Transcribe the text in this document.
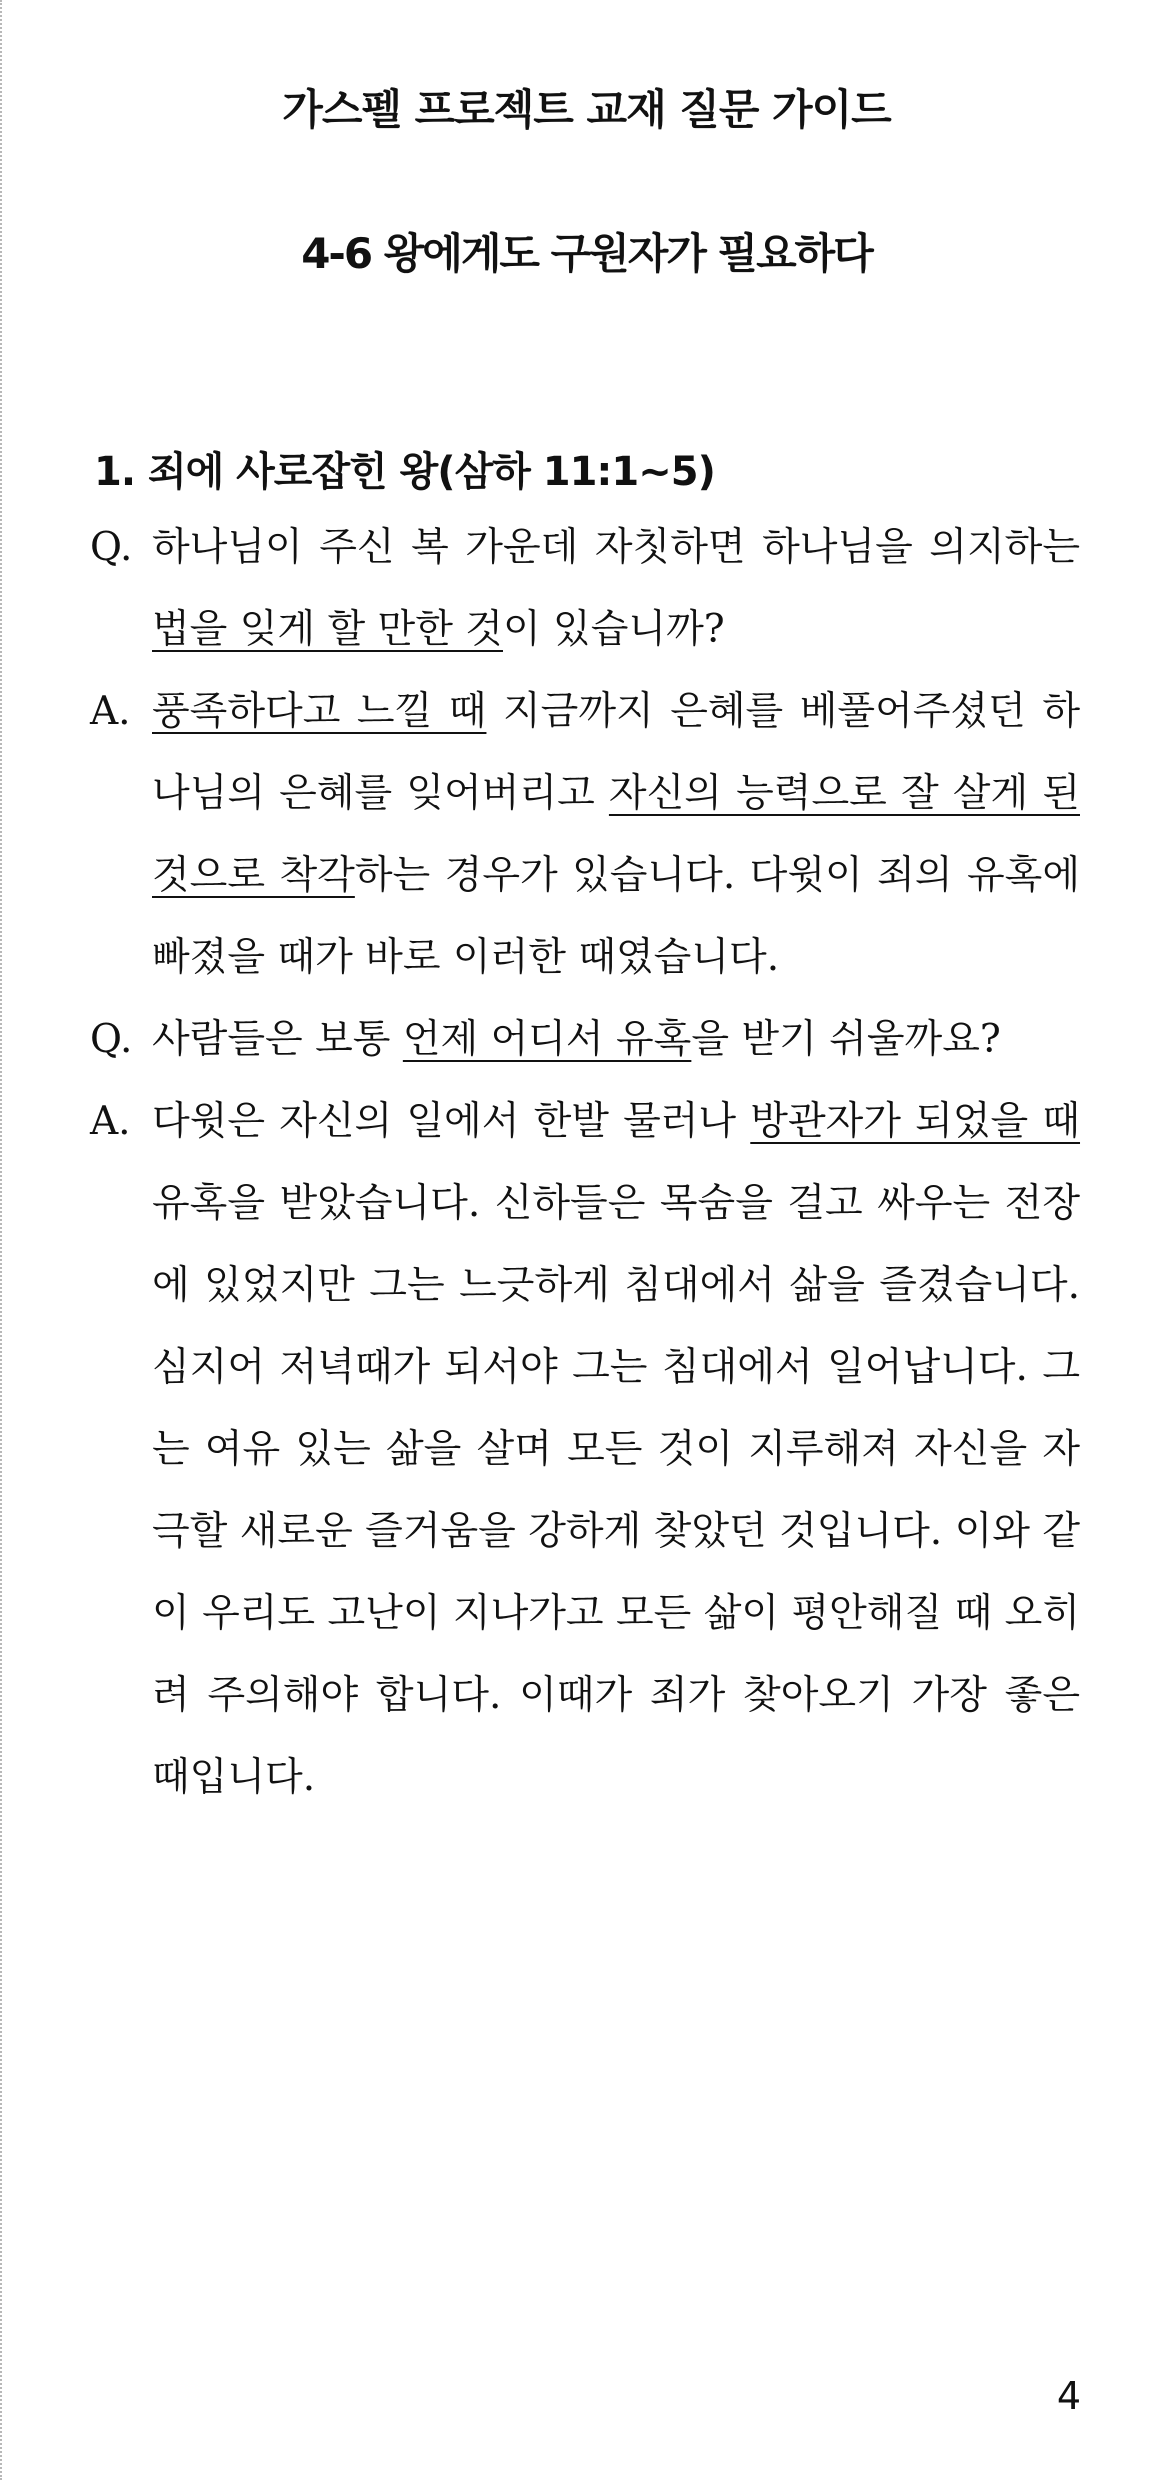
가스펠 프로젝트 교재 질문 가이드
4-6 왕에게도 구원자가 필요하다
1. 죄에 사로잡힌 왕(삼하 11:1~5)
Q. 하나님이 주신 복 가운데 자칫하면 하나님을 의지하는 법을 잊게 할 만한 것이 있습니까?
A. 풍족하다고 느낄 때 지금까지 은혜를 베풀어주셨던 하나님의 은혜를 잊어버리고 자신의 능력으로 잘 살게 된 것으로 착각하는 경우가 있습니다. 다윗이 죄의 유혹에 빠졌을 때가 바로 이러한 때였습니다.
Q. 사람들은 보통 언제 어디서 유혹을 받기 쉬울까요?
A. 다윗은 자신의 일에서 한발 물러나 방관자가 되었을 때 유혹을 받았습니다. 신하들은 목숨을 걸고 싸우는 전장에 있었지만 그는 느긋하게 침대에서 삶을 즐겼습니다. 심지어 저녁때가 되서야 그는 침대에서 일어납니다. 그는 여유 있는 삶을 살며 모든 것이 지루해져 자신을 자극할 새로운 즐거움을 강하게 찾았던 것입니다. 이와 같이 우리도 고난이 지나가고 모든 삶이 평안해질 때 오히려 주의해야 합니다. 이때가 죄가 찾아오기 가장 좋은 때입니다.
4
